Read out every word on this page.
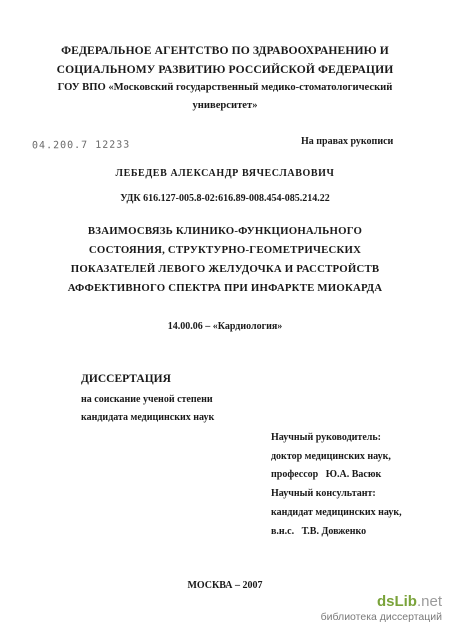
ФЕДЕРАЛЬНОЕ АГЕНТСТВО ПО ЗДРАВООХРАНЕНИЮ И
СОЦИАЛЬНОМУ РАЗВИТИЮ РОССИЙСКОЙ ФЕДЕРАЦИИ
ГОУ ВПО «Московский государственный медико-стоматологический
университет»
04.200.7 12233	На правах рукописи
ЛЕБЕДЕВ АЛЕКСАНДР ВЯЧЕСЛАВОВИЧ
УДК 616.127-005.8-02:616.89-008.454-085.214.22
ВЗАИМОСВЯЗЬ КЛИНИКО-ФУНКЦИОНАЛЬНОГО
СОСТОЯНИЯ, СТРУКТУРНО-ГЕОМЕТРИЧЕСКИХ
ПОКАЗАТЕЛЕЙ ЛЕВОГО ЖЕЛУДОЧКА И РАССТРОЙСТВ
АФФЕКТИВНОГО СПЕКТРА ПРИ ИНФАРКТЕ МИОКАРДА
14.00.06 – «Кардиология»
ДИССЕРТАЦИЯ
на соискание ученой степени
кандидата медицинских наук
Научный руководитель:
доктор медицинских наук,
профессор   Ю.А. Васюк
Научный консультант:
кандидат медицинских наук,
в.н.с.   Т.В. Довженко
МОСКВА – 2007
dsLib.net
библиотека диссертаций
